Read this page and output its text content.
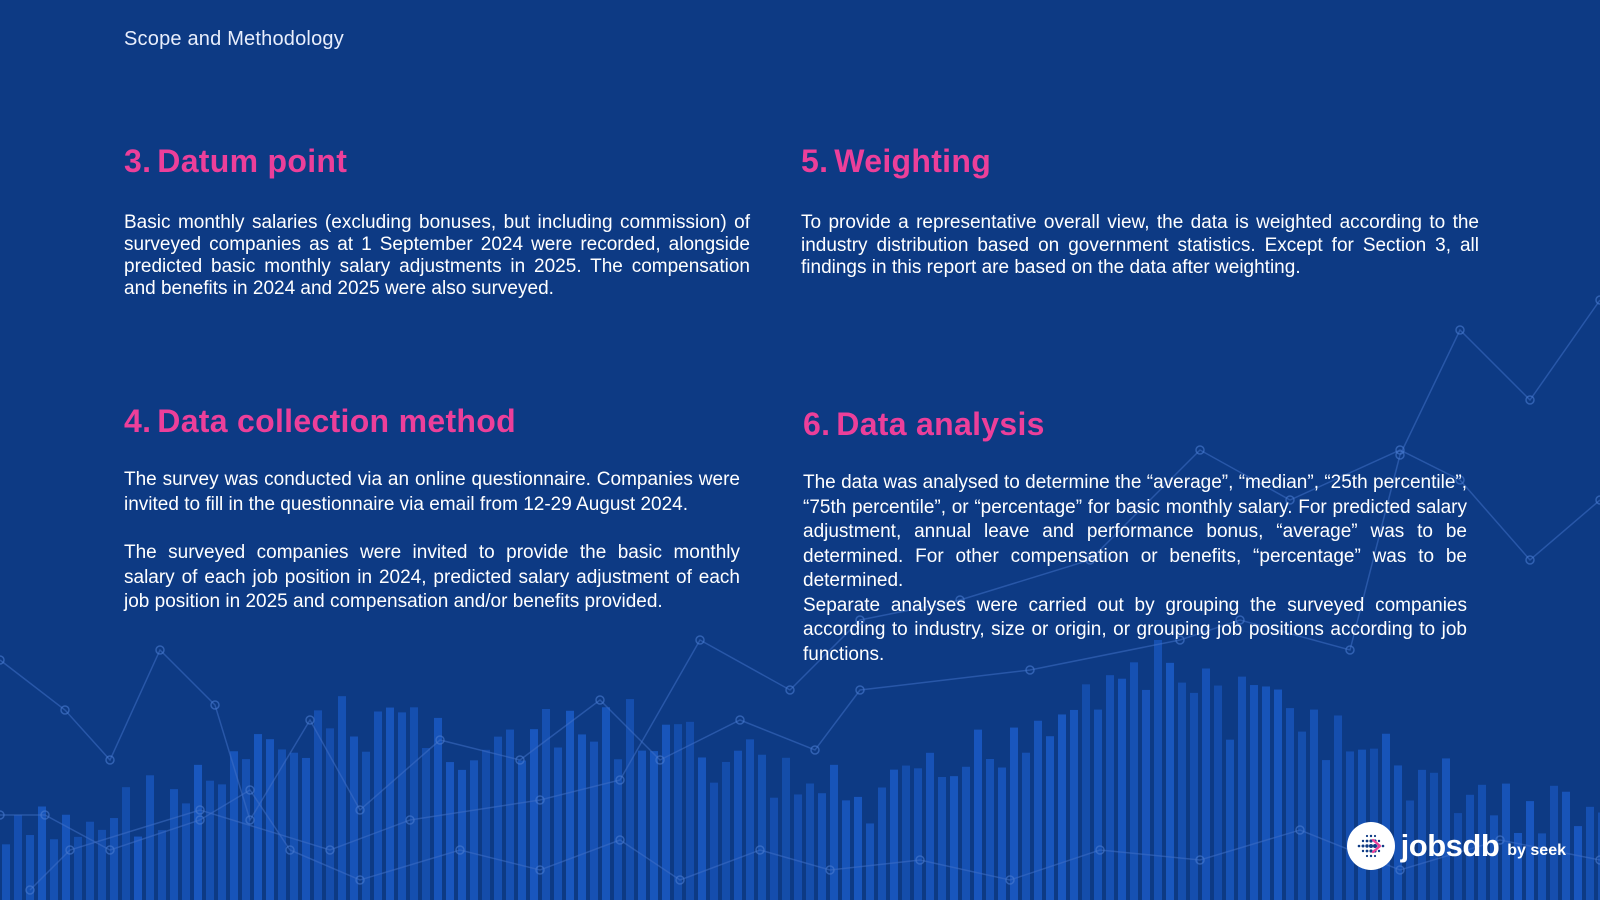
Scope and Methodology
3. Datum point

Basic monthly salaries (excluding bonuses, but including commission) of surveyed companies as at 1 September 2024 were recorded, alongside predicted basic monthly salary adjustments in 2025. The compensation and benefits in 2024 and 2025 were also surveyed.

4. Data collection method

The survey was conducted via an online questionnaire. Companies were invited to fill in the questionnaire via email from 12-29 August 2024.

The surveyed companies were invited to provide the basic monthly salary of each job position in 2024, predicted salary adjustment of each job position in 2025 and compensation and/or benefits provided.

5. Weighting

To provide a representative overall view, the data is weighted according to the industry distribution based on government statistics. Except for Section 3, all findings in this report are based on the data after weighting.

6. Data analysis

The data was analysed to determine the “average”, “median”, “25th percentile”, “75th percentile”, or “percentage” for basic monthly salary. For predicted salary adjustment, annual leave and performance bonus, “average” was to be determined. For other compensation or benefits, “percentage” was to be determined.
Separate analyses were carried out by grouping the surveyed companies according to industry, size or origin, or grouping job positions according to job functions.

jobsdb by seek
